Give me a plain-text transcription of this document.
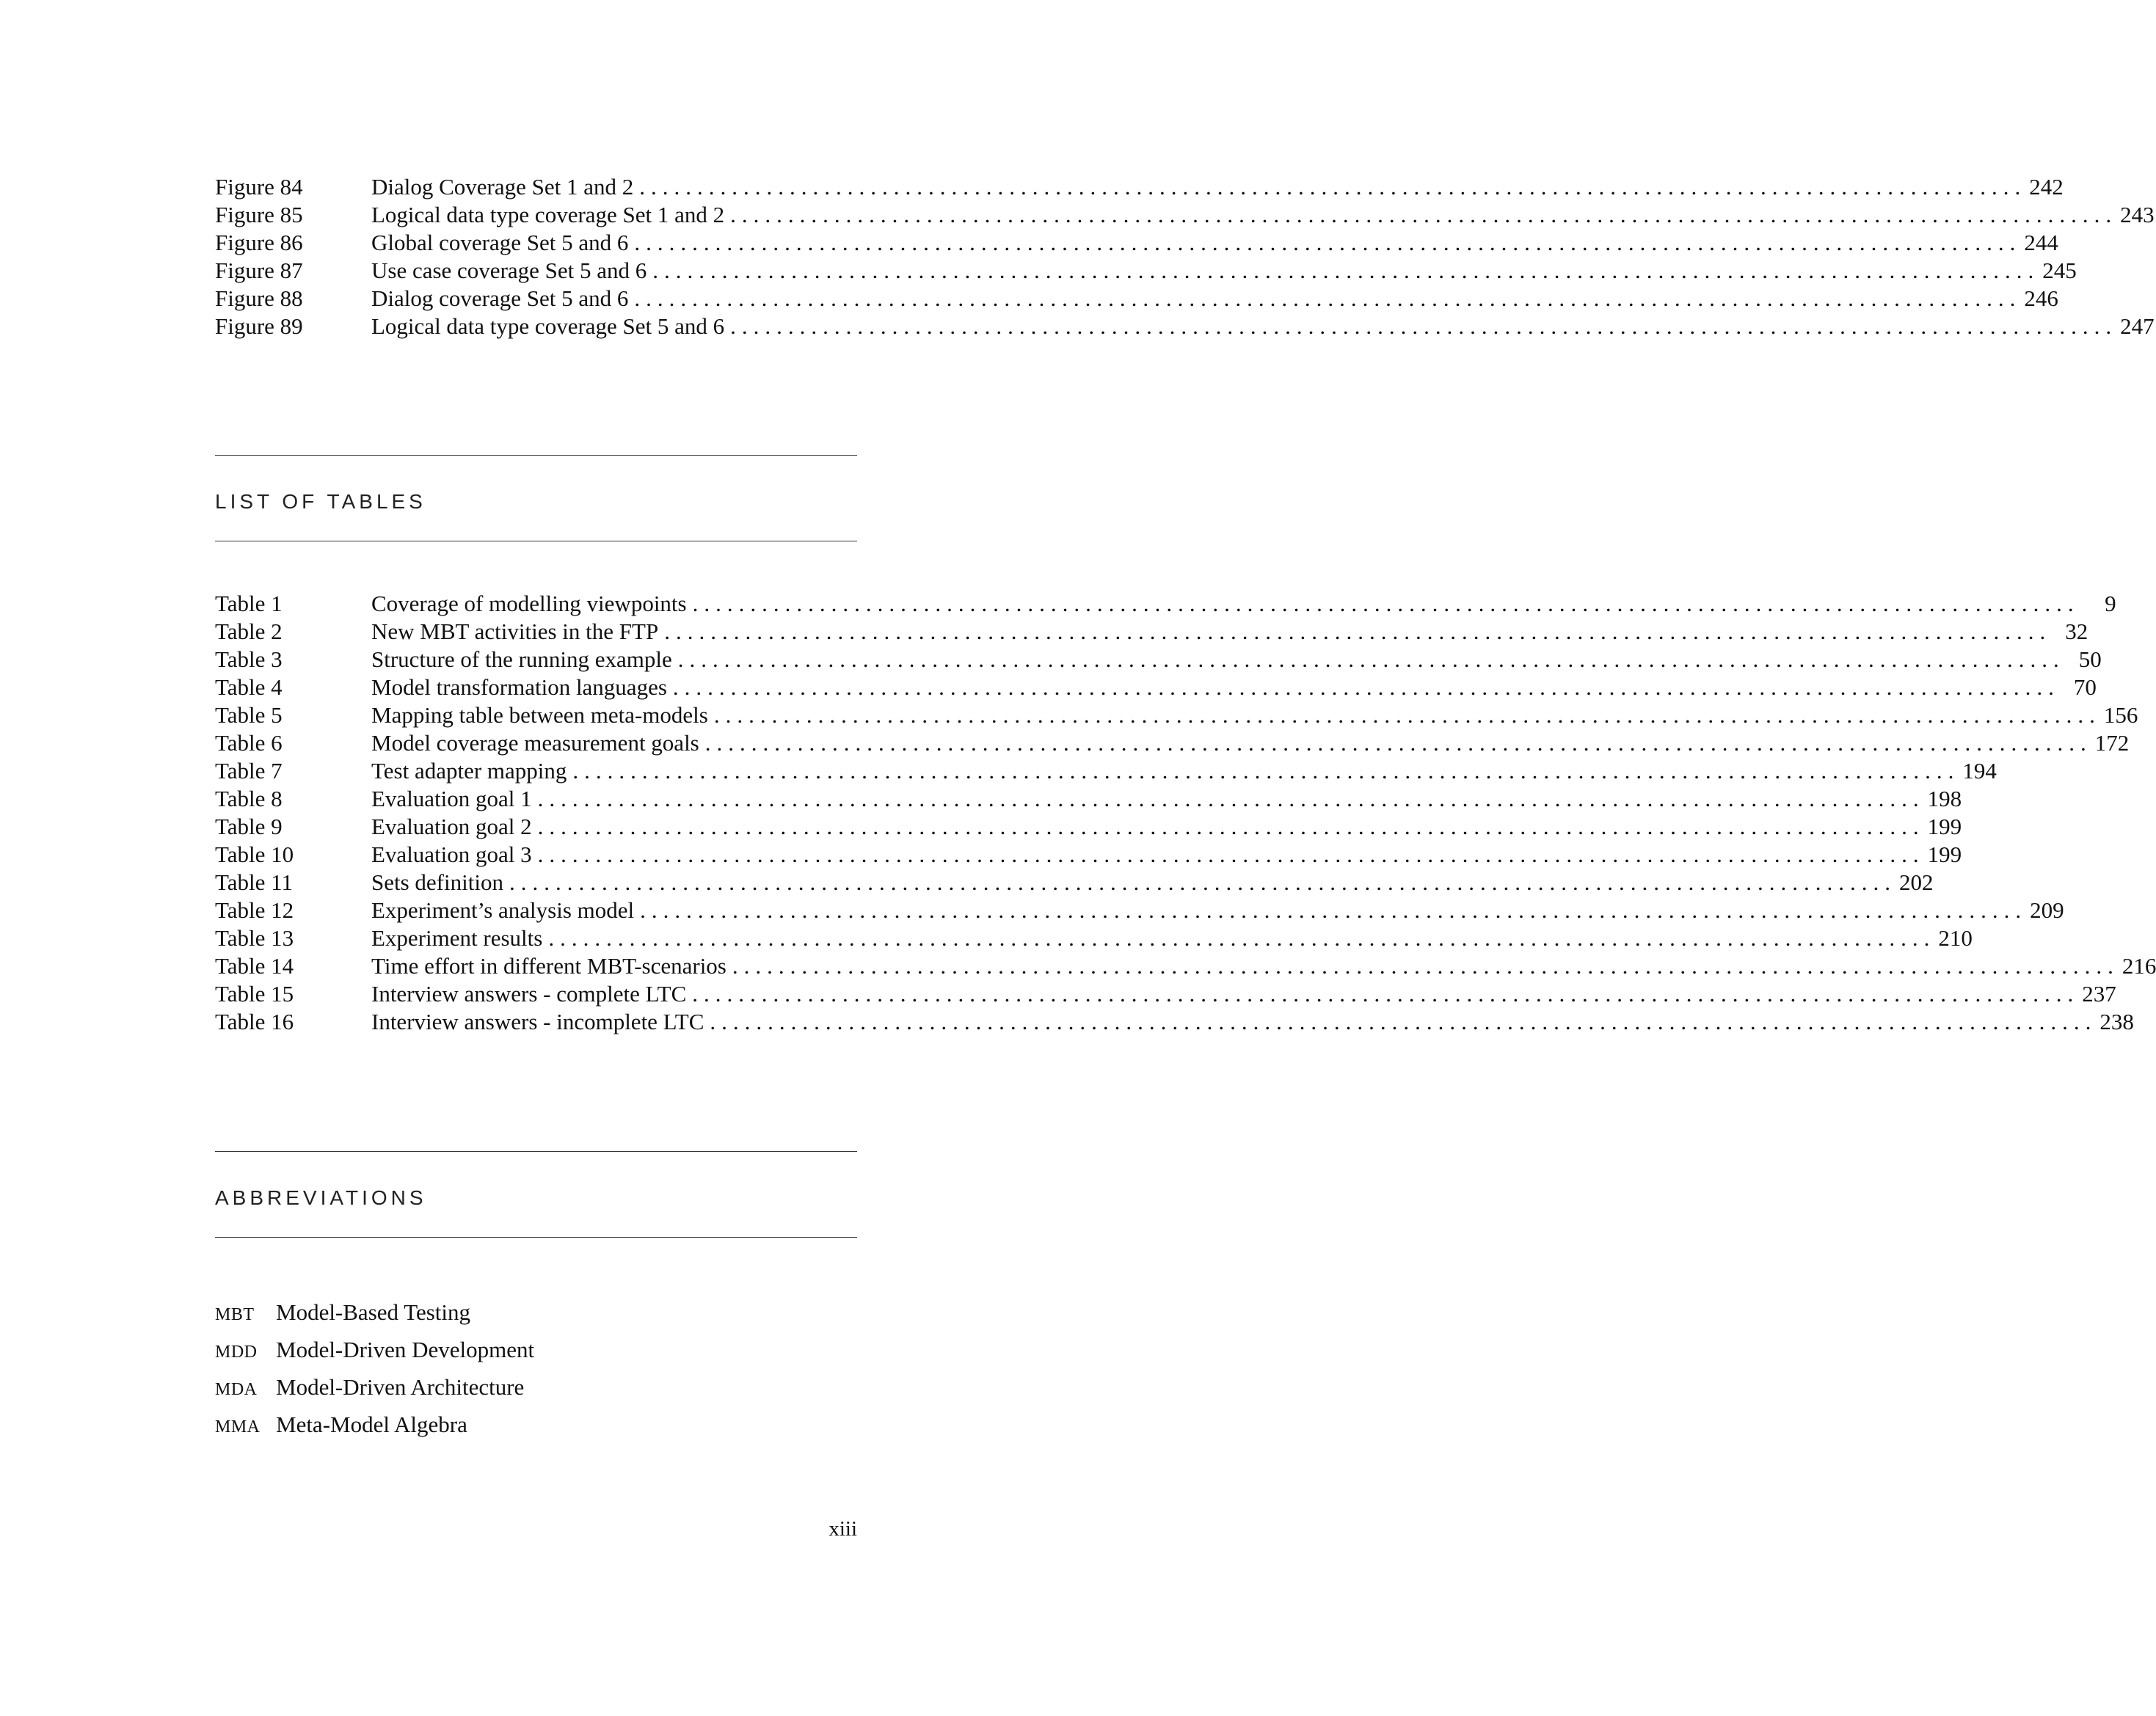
Figure 84	Dialog Coverage Set 1 and 2 ........................................................................................................................ 242
Figure 85	Logical data type coverage Set 1 and 2 ........................................................................................................................ 243
Figure 86	Global coverage Set 5 and 6 ........................................................................................................................ 244
Figure 87	Use case coverage Set 5 and 6 ........................................................................................................................ 245
Figure 88	Dialog coverage Set 5 and 6 ........................................................................................................................ 246
Figure 89	Logical data type coverage Set 5 and 6 ........................................................................................................................ 247
LIST OF TABLES
Table 1	Coverage of modelling viewpoints ........................................................................................................................	9
Table 2	New MBT activities in the FTP ........................................................................................................................ 32
Table 3	Structure of the running example ........................................................................................................................ 50
Table 4	Model transformation languages ........................................................................................................................ 70
Table 5	Mapping table between meta-models ........................................................................................................................ 156
Table 6	Model coverage measurement goals ........................................................................................................................ 172
Table 7	Test adapter mapping ........................................................................................................................ 194
Table 8	Evaluation goal 1 ........................................................................................................................ 198
Table 9	Evaluation goal 2 ........................................................................................................................ 199
Table 10	Evaluation goal 3 ........................................................................................................................ 199
Table 11	Sets definition ........................................................................................................................ 202
Table 12	Experiment’s analysis model ........................................................................................................................ 209
Table 13	Experiment results ........................................................................................................................ 210
Table 14	Time effort in different MBT-scenarios ........................................................................................................................ 216
Table 15	Interview answers - complete LTC ........................................................................................................................ 237
Table 16	Interview answers - incomplete LTC ........................................................................................................................ 238
ABBREVIATIONS
MBT Model-Based Testing
MDD Model-Driven Development
MDA Model-Driven Architecture
MMA Meta-Model Algebra
xiii
